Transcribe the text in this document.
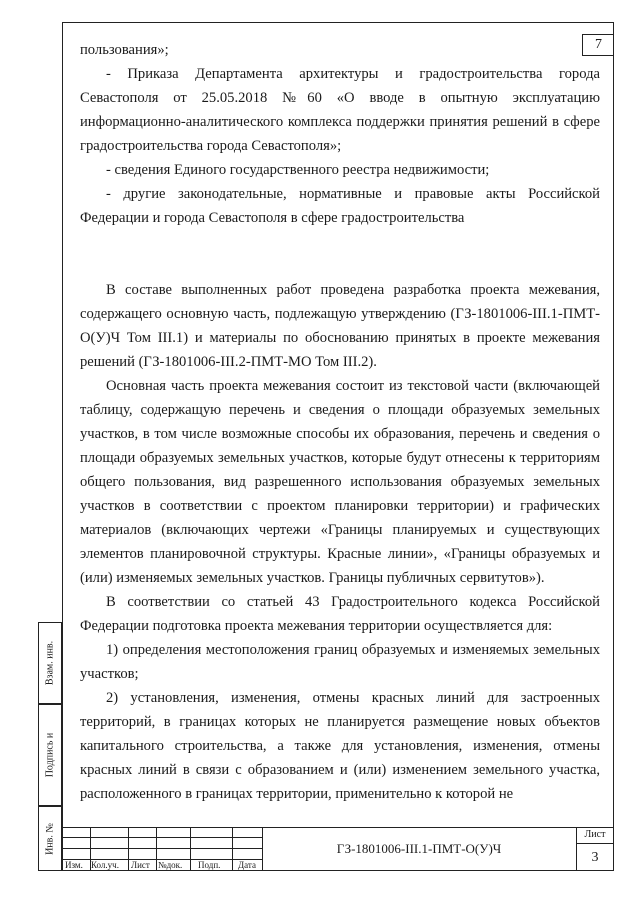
7

пользования»;

- Приказа Департамента архитектуры и градостроительства города Севастополя от 25.05.2018 №60 «О вводе в опытную эксплуатацию информационно-аналитического комплекса поддержки принятия решений в сфере градостроительства города Севастополя»;

- сведения Единого государственного реестра недвижимости;

- другие законодательные, нормативные и правовые акты Российской Федерации и города Севастополя в сфере градостроительства

В составе выполненных работ проведена разработка проекта межевания, содержащего основную часть, подлежащую утверждению (ГЗ-1801006-III.1-ПМТ-О(У)Ч Том III.1) и материалы по обоснованию принятых в проекте межевания решений (ГЗ-1801006-III.2-ПМТ-МО Том III.2).

Основная часть проекта межевания состоит из текстовой части (включающей таблицу, содержащую перечень и сведения о площади образуемых земельных участков, в том числе возможные способы их образования, перечень и сведения о площади образуемых земельных участков, которые будут отнесены к территориям общего пользования, вид разрешенного использования образуемых земельных участков в соответствии с проектом планировки территории) и графических материалов (включающих чертежи «Границы планируемых и существующих элементов планировочной структуры. Красные линии», «Границы образуемых и (или) изменяемых земельных участков. Границы публичных сервитутов»).

В соответствии со статьей 43 Градостроительного кодекса Российской Федерации подготовка проекта межевания территории осуществляется для:

1) определения местоположения границ образуемых и изменяемых земельных участков;

2) установления, изменения, отмены красных линий для застроенных территорий, в границах которых не планируется размещение новых объектов капитального строительства, а также для установления, изменения, отмены красных линий в связи с образованием и (или) изменением земельного участка, расположенного в границах территории, применительно к которой не

Взам. инв.
Подпись и
Инв. №
Изм. Кол.уч. Лист №док. Подп. Дата
ГЗ-1801006-III.1-ПМТ-О(У)Ч
Лист
3
